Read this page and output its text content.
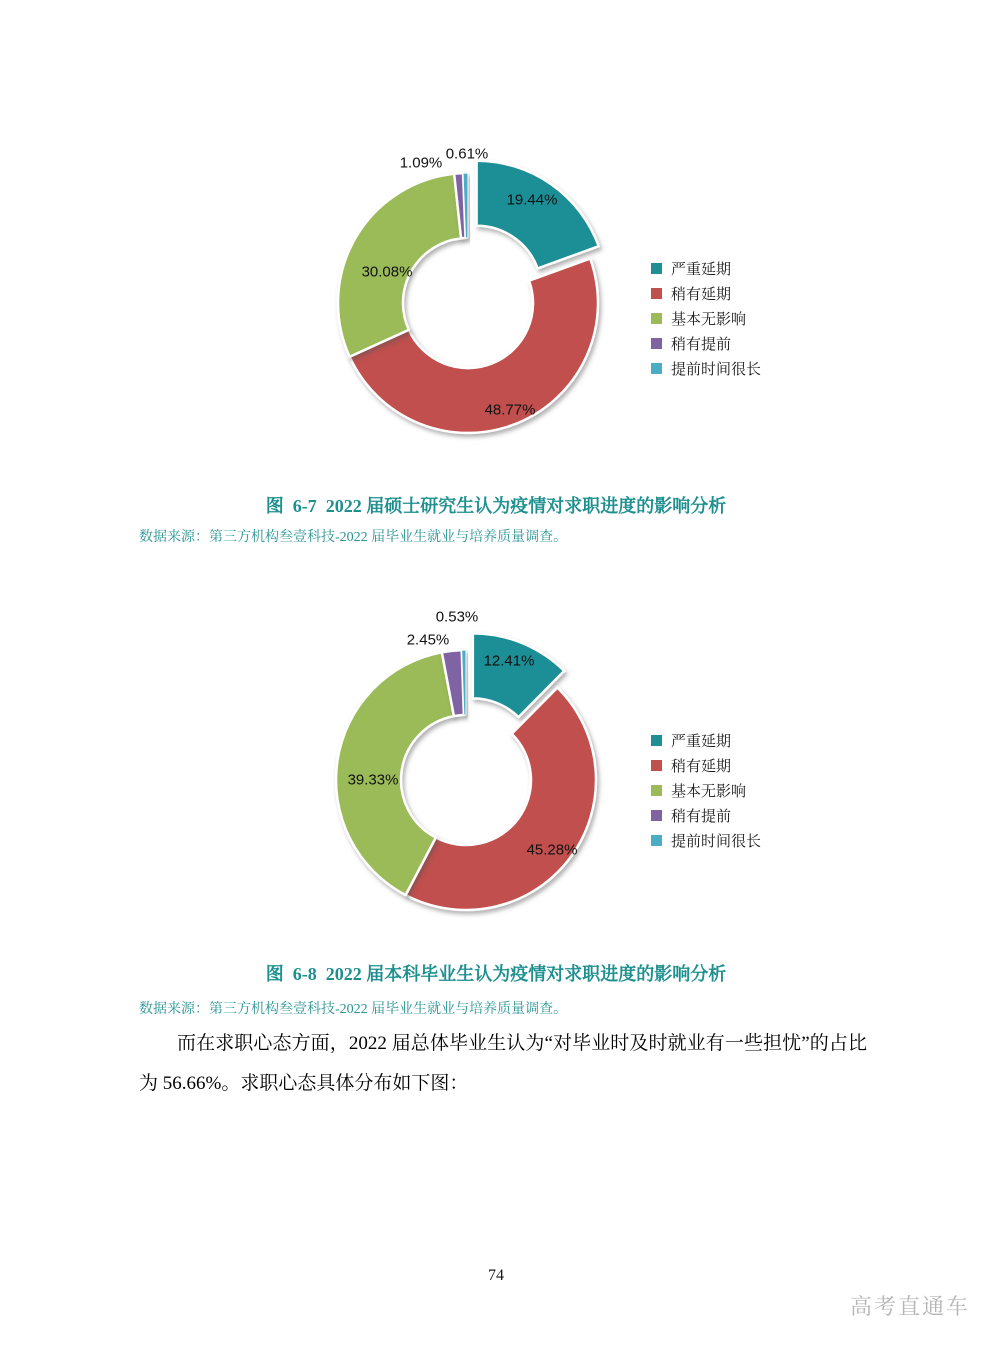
19.44%
48.77%
30.08%
1.09%
0.61%
严重延期
稍有延期
基本无影响
稍有提前
提前时间很长
图  6-7  2022 届硕士研究生认为疫情对求职进度的影响分析
数据来源：第三方机构叁壹科技-2022 届毕业生就业与培养质量调查。
12.41%
45.28%
39.33%
2.45%
0.53%
严重延期
稍有延期
基本无影响
稍有提前
提前时间很长
图  6-8  2022 届本科毕业生认为疫情对求职进度的影响分析
数据来源：第三方机构叁壹科技-2022 届毕业生就业与培养质量调查。
而在求职心态方面，2022 届总体毕业生认为“对毕业时及时就业有一些担忧”的占比为 56.66%。求职心态具体分布如下图：
74
高考直通车
